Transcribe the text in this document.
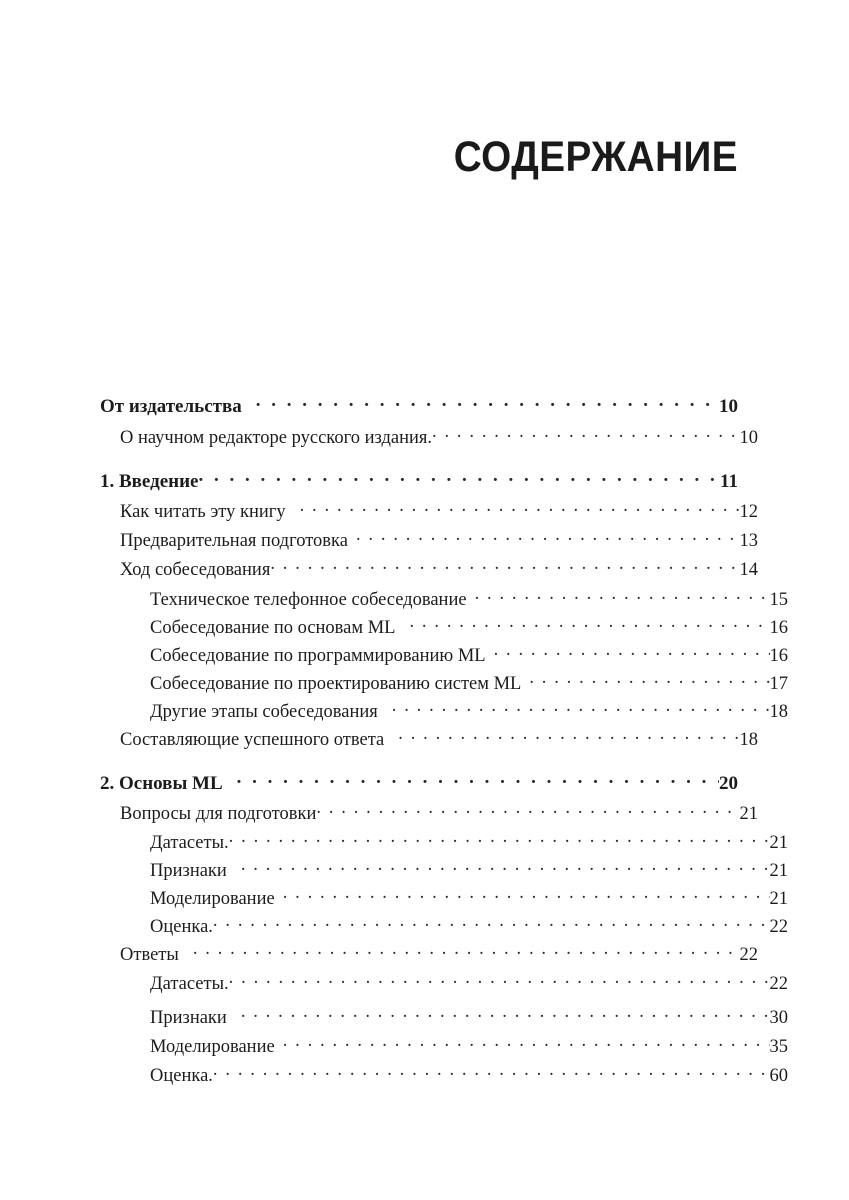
СОДЕРЖАНИЕ
От издательства . . .	10
О научном редакторе русского издания. . . .	10
1. Введение . . .	11
Как читать эту книгу . . .	12
Предварительная подготовка . . .	13
Ход собеседования . . .	14
Техническое телефонное собеседование . . .	15
Собеседование по основам ML . . .	16
Собеседование по программированию ML . . .	16
Собеседование по проектированию систем ML . . .	17
Другие этапы собеседования . . .	18
Составляющие успешного ответа . . .	18
2. Основы ML . . .	20
Вопросы для подготовки . . .	21
Датасеты. . . .	21
Признаки . . .	21
Моделирование . . .	21
Оценка. . . .	22
Ответы . . .	22
Датасеты. . . .	22
Признаки . . .	30
Моделирование . . .	35
Оценка. . . .	60
